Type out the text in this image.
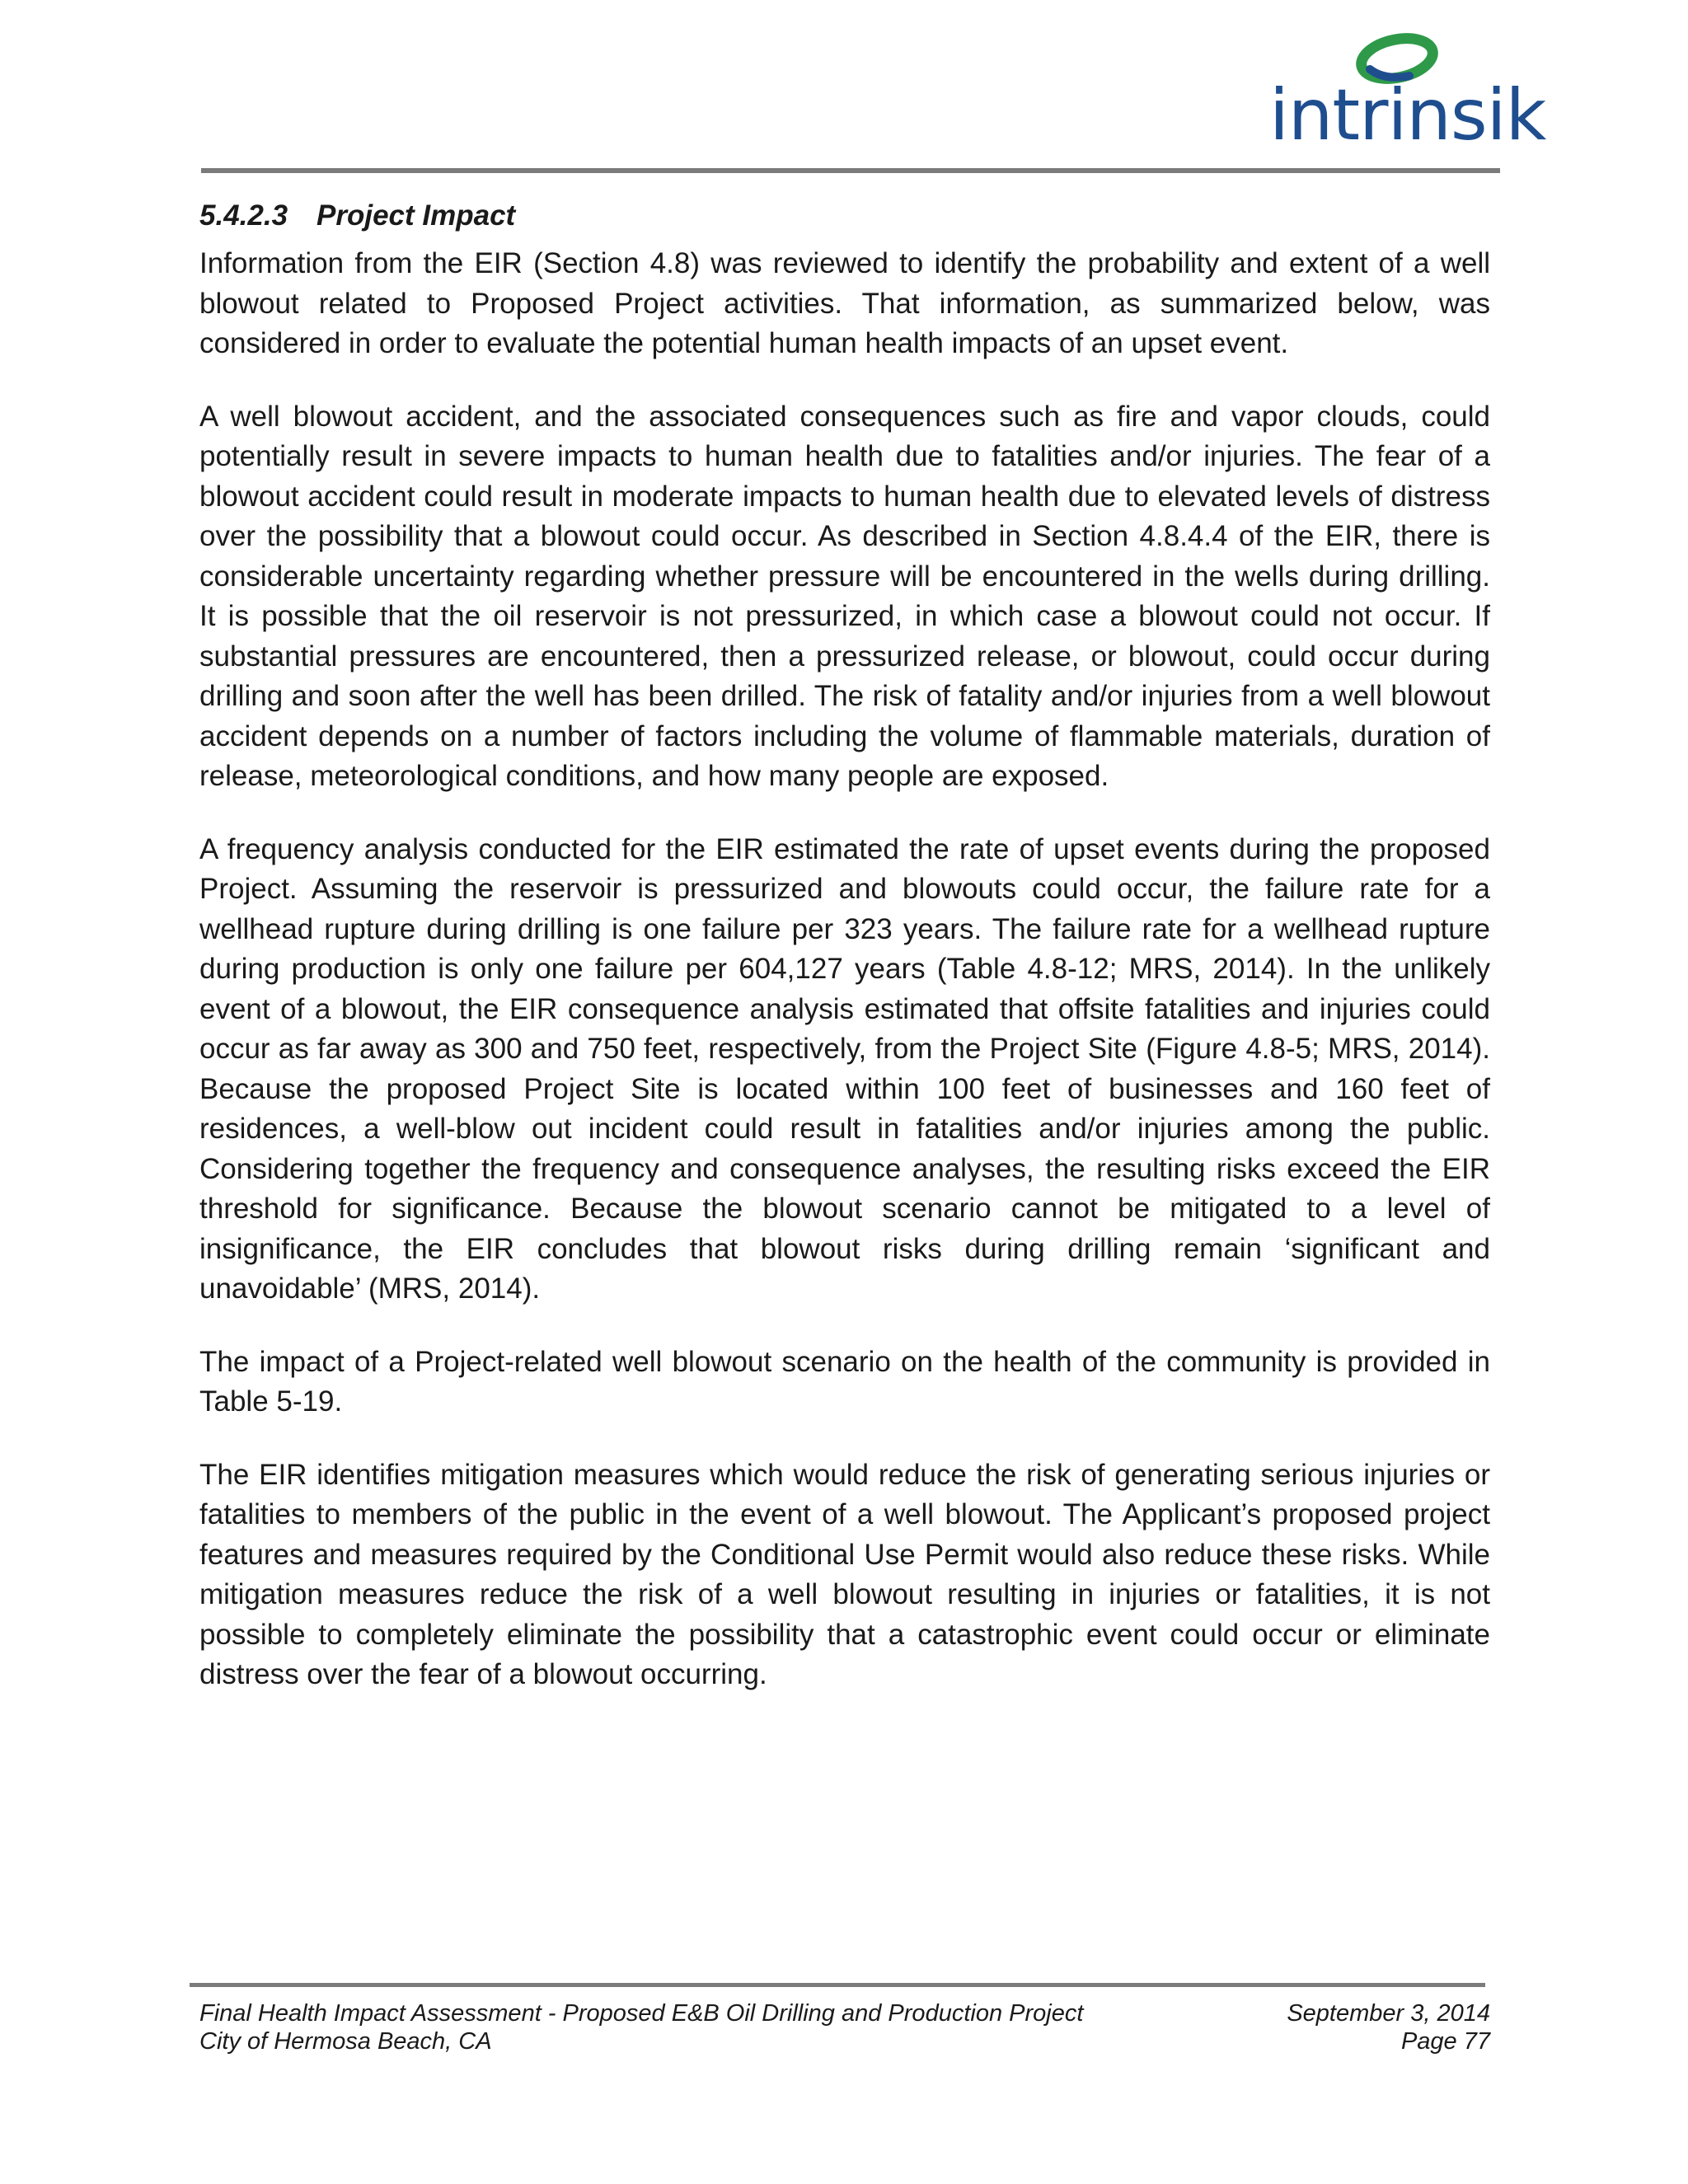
intrinsik
5.4.2.3 Project Impact

Information from the EIR (Section 4.8) was reviewed to identify the probability and extent of a well blowout related to Proposed Project activities. That information, as summarized below, was considered in order to evaluate the potential human health impacts of an upset event.

A well blowout accident, and the associated consequences such as fire and vapor clouds, could potentially result in severe impacts to human health due to fatalities and/or injuries. The fear of a blowout accident could result in moderate impacts to human health due to elevated levels of distress over the possibility that a blowout could occur. As described in Section 4.8.4.4 of the EIR, there is considerable uncertainty regarding whether pressure will be encountered in the wells during drilling. It is possible that the oil reservoir is not pressurized, in which case a blowout could not occur. If substantial pressures are encountered, then a pressurized release, or blowout, could occur during drilling and soon after the well has been drilled. The risk of fatality and/or injuries from a well blowout accident depends on a number of factors including the volume of flammable materials, duration of release, meteorological conditions, and how many people are exposed.

A frequency analysis conducted for the EIR estimated the rate of upset events during the proposed Project. Assuming the reservoir is pressurized and blowouts could occur, the failure rate for a wellhead rupture during drilling is one failure per 323 years. The failure rate for a wellhead rupture during production is only one failure per 604,127 years (Table 4.8-12; MRS, 2014). In the unlikely event of a blowout, the EIR consequence analysis estimated that offsite fatalities and injuries could occur as far away as 300 and 750 feet, respectively, from the Project Site (Figure 4.8-5; MRS, 2014). Because the proposed Project Site is located within 100 feet of businesses and 160 feet of residences, a well-blow out incident could result in fatalities and/or injuries among the public. Considering together the frequency and consequence analyses, the resulting risks exceed the EIR threshold for significance. Because the blowout scenario cannot be mitigated to a level of insignificance, the EIR concludes that blowout risks during drilling remain ‘significant and unavoidable’ (MRS, 2014).

The impact of a Project-related well blowout scenario on the health of the community is provided in Table 5-19.

The EIR identifies mitigation measures which would reduce the risk of generating serious injuries or fatalities to members of the public in the event of a well blowout. The Applicant’s proposed project features and measures required by the Conditional Use Permit would also reduce these risks. While mitigation measures reduce the risk of a well blowout resulting in injuries or fatalities, it is not possible to completely eliminate the possibility that a catastrophic event could occur or eliminate distress over the fear of a blowout occurring.

Final Health Impact Assessment - Proposed E&B Oil Drilling and Production Project	September 3, 2014
City of Hermosa Beach, CA	Page 77
